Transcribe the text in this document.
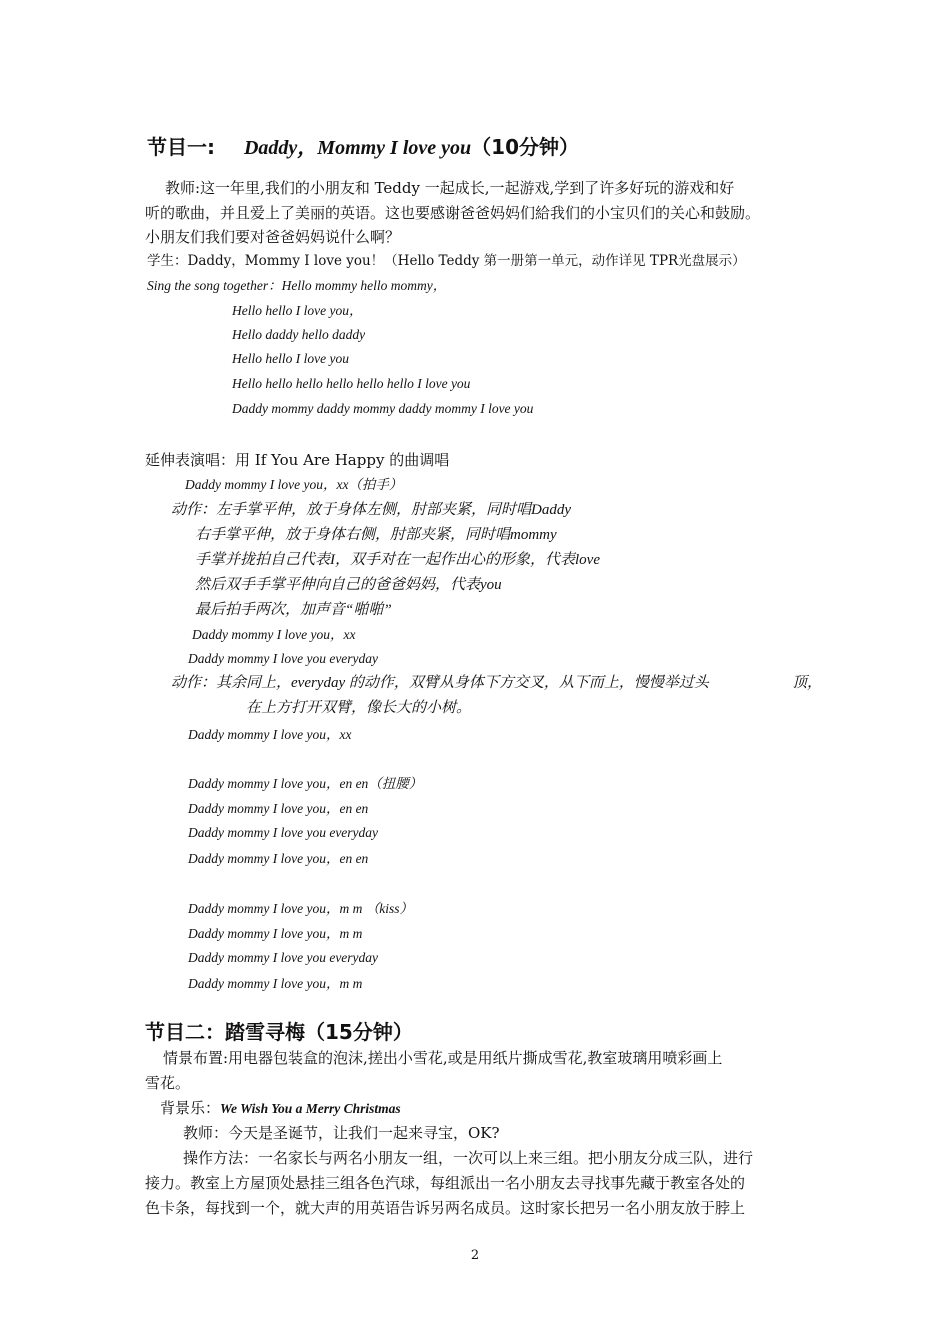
节目一: Daddy，Mommy I love you（10分钟）
教师:这一年里,我们的小朋友和 Teddy 一起成长,一起游戏,学到了许多好玩的游戏和好
听的歌曲，并且爱上了美丽的英语。这也要感谢爸爸妈妈们給我们的小宝贝们的关心和鼓励。
小朋友们我们要对爸爸妈妈说什么啊？
学生：Daddy，Mommy I love you！（Hello Teddy 第一册第一单元，动作详见 TPR光盘展示）
Sing the song together：Hello mommy hello mommy，
Hello hello I love you，
Hello daddy hello daddy
Hello hello I love you
Hello hello hello hello hello hello I love you
Daddy mommy daddy mommy daddy mommy I love you
延伸表演唱：用 If You Are Happy 的曲调唱
Daddy mommy I love you，xx（拍手）
动作：左手掌平伸，放于身体左侧，肘部夹紧，同时唱Daddy
右手掌平伸，放于身体右侧，肘部夹紧，同时唱mommy
手掌并拢拍自己代表I，双手对在一起作出心的形象，代表love
然后双手手掌平伸向自己的爸爸妈妈，代表you
最后拍手两次，加声音“啪啪”
Daddy mommy I love you，xx
Daddy mommy I love you everyday
动作：其余同上，everyday 的动作，双臂从身体下方交叉，从下而上，慢慢举过头	顶，
在上方打开双臂，像长大的小树。
Daddy mommy I love you，xx
Daddy mommy I love you，en en（扭腰）
Daddy mommy I love you，en en
Daddy mommy I love you everyday
Daddy mommy I love you，en en
Daddy mommy I love you，m m （kiss）
Daddy mommy I love you，m m
Daddy mommy I love you everyday
Daddy mommy I love you，m m
节目二：踏雪寻梅（15分钟）
情景布置:用电器包装盒的泡沫,搓出小雪花,或是用纸片撕成雪花,教室玻璃用喷彩画上
雪花。
背景乐：We Wish You a Merry Christmas
教师：今天是圣诞节，让我们一起来寻宝，OK?
操作方法：一名家长与两名小朋友一组，一次可以上来三组。把小朋友分成三队，进行
接力。教室上方屋顶处悬挂三组各色汽球，每组派出一名小朋友去寻找事先藏于教室各处的
色卡条，每找到一个，就大声的用英语告诉另两名成员。这时家长把另一名小朋友放于脖上
2
